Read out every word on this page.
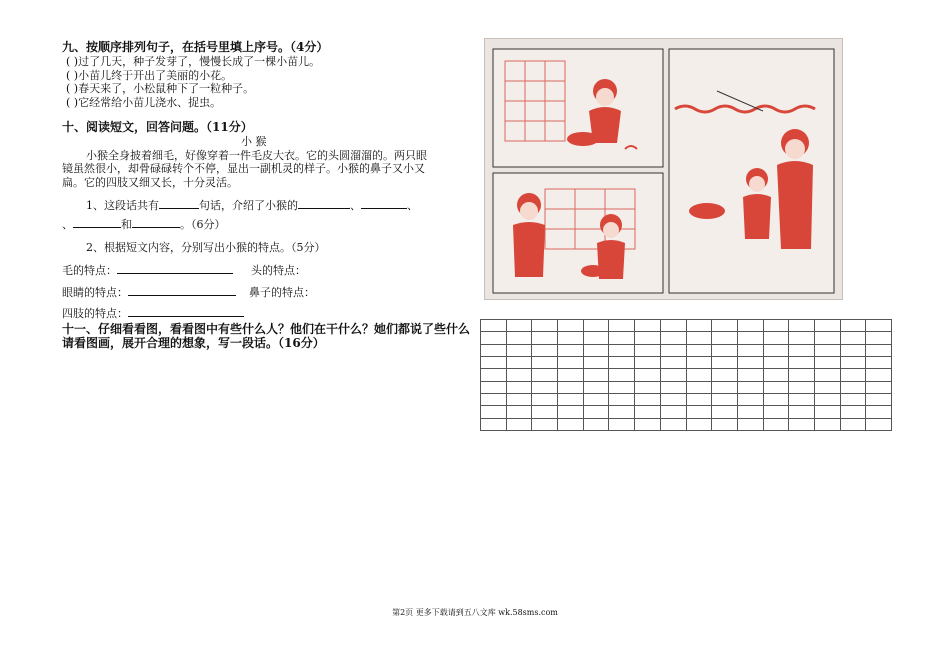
九、按顺序排列句子，在括号里填上序号。（4分）
( )过了几天，种子发芽了，慢慢长成了一棵小苗儿。
( )小苗儿终于开出了美丽的小花。
( )春天来了，小松鼠种下了一粒种子。
( )它经常给小苗儿浇水、捉虫。
十、阅读短文，回答问题。（11分）
小 猴
小猴全身披着细毛，好像穿着一件毛皮大衣。它的头圆溜溜的。两只眼
镜虽然很小，却骨碌碌转个不停，显出一副机灵的样子。小猴的鼻子又小又
扁。它的四肢又细又长，十分灵活。
1、这段话共有	句话，介绍了小猴的	、	、
、	和	。（6分）
2、根据短文内容，分别写出小猴的特点。（5分）
毛的特点：	头的特点：
眼睛的特点：	鼻子的特点：
四肢的特点：
十一、仔细看看图，看看图中有些什么人？他们在干什么？她们都说了些什么
请看图画，展开合理的想象，写一段话。（16分）

第2页 更多下载请到五八文库 wk.58sms.com
